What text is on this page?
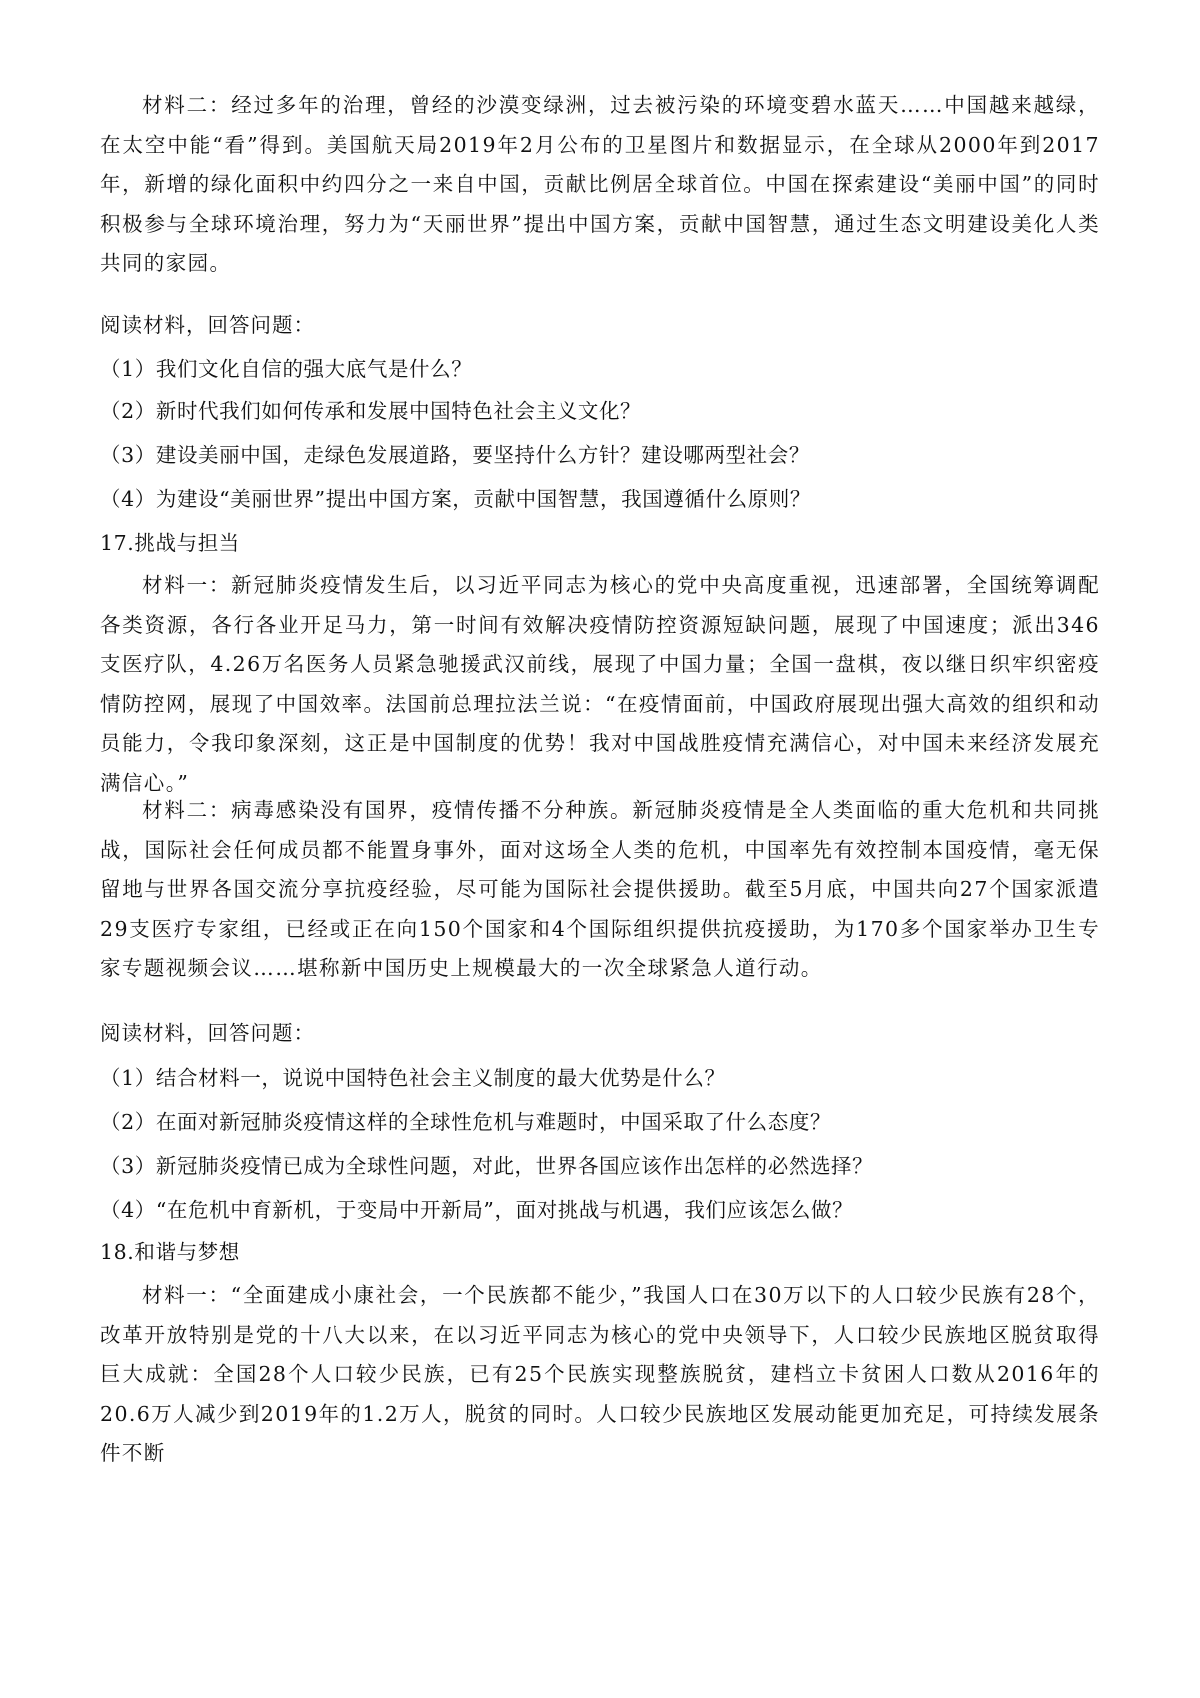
材料二：经过多年的治理，曾经的沙漠变绿洲，过去被污染的环境变碧水蓝天……中国越来越绿，在太空中能“看”得到。美国航天局2019年2月公布的卫星图片和数据显示，在全球从2000年到2017年，新增的绿化面积中约四分之一来自中国，贡献比例居全球首位。中国在探索建设“美丽中国”的同时积极参与全球环境治理，努力为“天丽世界”提出中国方案，贡献中国智慧，通过生态文明建设美化人类共同的家园。

阅读材料，回答问题：

（1）我们文化自信的强大底气是什么？

（2）新时代我们如何传承和发展中国特色社会主义文化？

（3）建设美丽中国，走绿色发展道路，要坚持什么方针？建设哪两型社会？

（4）为建设“美丽世界”提出中国方案，贡献中国智慧，我国遵循什么原则？

17.挑战与担当

材料一：新冠肺炎疫情发生后，以习近平同志为核心的党中央高度重视，迅速部署，全国统筹调配各类资源，各行各业开足马力，第一时间有效解决疫情防控资源短缺问题，展现了中国速度；派出346支医疗队，4.26万名医务人员紧急驰援武汉前线，展现了中国力量；全国一盘棋，夜以继日织牢织密疫情防控网，展现了中国效率。法国前总理拉法兰说：“在疫情面前，中国政府展现出强大高效的组织和动员能力，令我印象深刻，这正是中国制度的优势！我对中国战胜疫情充满信心，对中国未来经济发展充满信心。”

材料二：病毒感染没有国界，疫情传播不分种族。新冠肺炎疫情是全人类面临的重大危机和共同挑战，国际社会任何成员都不能置身事外，面对这场全人类的危机，中国率先有效控制本国疫情，毫无保留地与世界各国交流分享抗疫经验，尽可能为国际社会提供援助。截至5月底，中国共向27个国家派遣29支医疗专家组，已经或正在向150个国家和4个国际组织提供抗疫援助，为170多个国家举办卫生专家专题视频会议……堪称新中国历史上规模最大的一次全球紧急人道行动。

阅读材料，回答问题：

（1）结合材料一，说说中国特色社会主义制度的最大优势是什么？

（2）在面对新冠肺炎疫情这样的全球性危机与难题时，中国采取了什么态度？

（3）新冠肺炎疫情已成为全球性问题，对此，世界各国应该作出怎样的必然选择？

（4）“在危机中育新机，于变局中开新局”，面对挑战与机遇，我们应该怎么做？

18.和谐与梦想

材料一：“全面建成小康社会，一个民族都不能少，”我国人口在30万以下的人口较少民族有28个，改革开放特别是党的十八大以来，在以习近平同志为核心的党中央领导下，人口较少民族地区脱贫取得巨大成就：全国28个人口较少民族，已有25个民族实现整族脱贫，建档立卡贫困人口数从2016年的20.6万人减少到2019年的1.2万人，脱贫的同时。人口较少民族地区发展动能更加充足，可持续发展条件不断
